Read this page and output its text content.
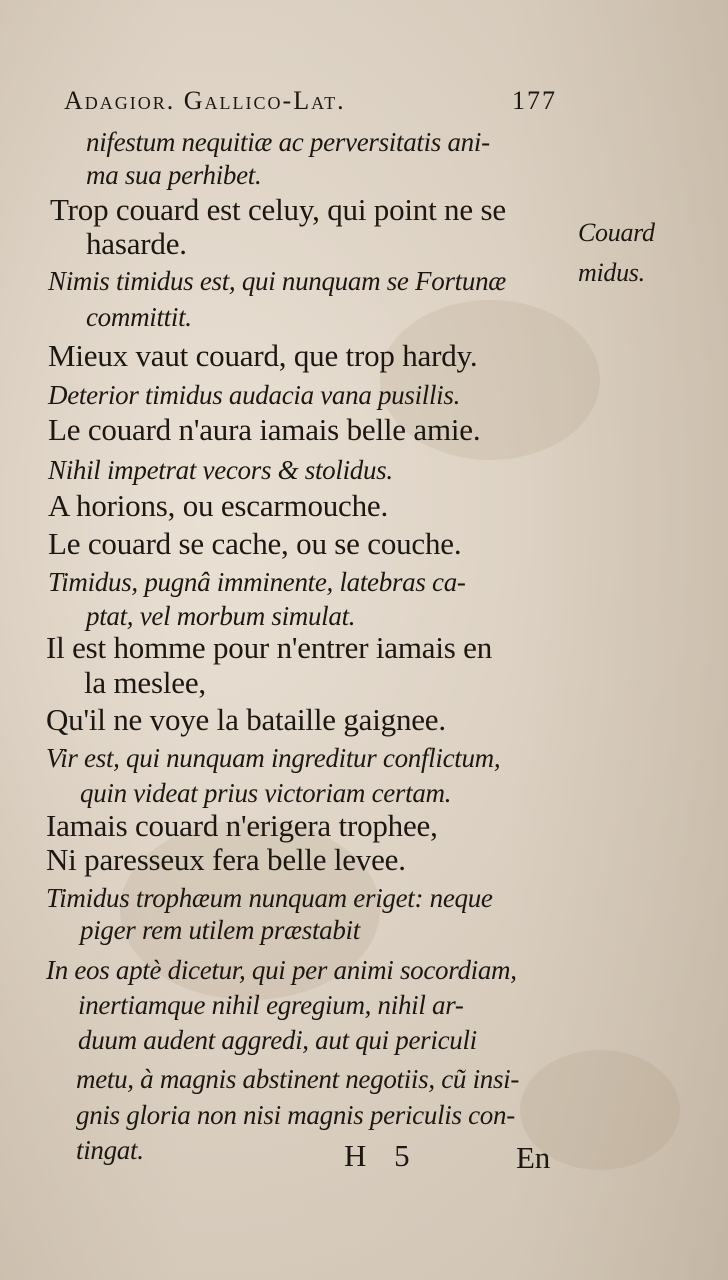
Adagior. Gallico-Lat.	177
nifestum nequitiæ ac perversitatis ani-
ma sua perhibet.
Trop couard est celuy, qui point ne se
hasarde.
Nimis timidus est, qui nunquam se Fortunæ
committit.
Mieux vaut couard, que trop hardy.
Deterior timidus audacia vana pusillis.
Le couard n'aura iamais belle amie.
Nihil impetrat vecors & stolidus.
A horions, ou escarmouche.
Le couard se cache, ou se couche.
Timidus, pugnâ imminente, latebras ca-
ptat, vel morbum simulat.
Il est homme pour n'entrer iamais en
la meslee,
Qu'il ne voye la bataille gaignee.
Vir est, qui nunquam ingreditur conflictum,
quin videat prius victoriam certam.
Iamais couard n'erigera trophee,
Ni paresseux fera belle levee.
Timidus trophæum nunquam eriget: neque
piger rem utilem præstabit
In eos aptè dicetur, qui per animi socordiam,
inertiamque nihil egregium, nihil ar-
duum audent aggredi, aut qui periculi
metu, à magnis abstinent negotiis, cũ insi-
gnis gloria non nisi magnis periculis con-
tingat.
Couard
midus.
H 5	En
